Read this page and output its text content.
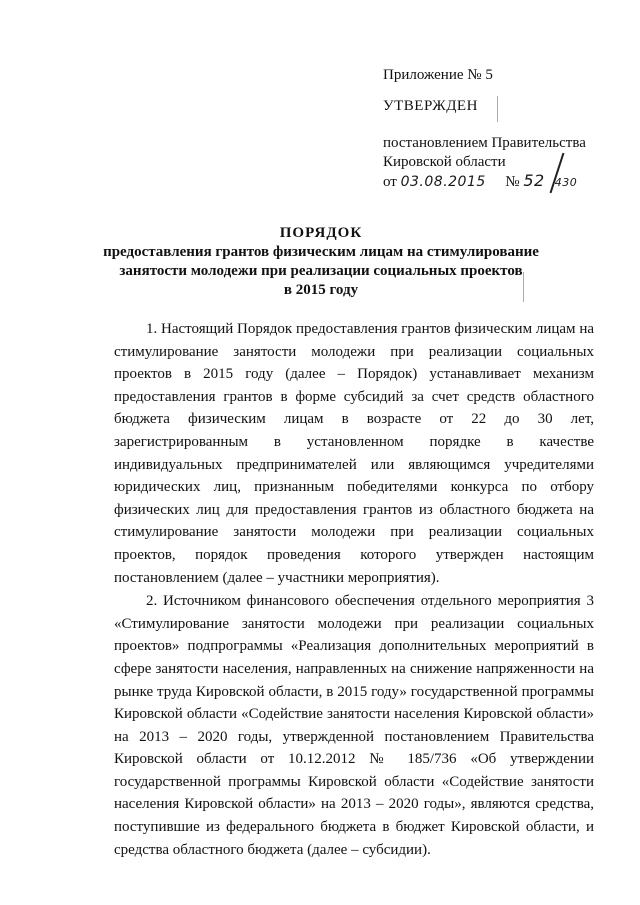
Приложение № 5
УТВЕРЖДЕН
постановлением Правительства
Кировской области
от 03.08.2015 № 52 430
ПОРЯДОК
предоставления грантов физическим лицам на стимулирование
занятости молодежи при реализации социальных проектов
в 2015 году

1. Настоящий Порядок предоставления грантов физическим лицам на стимулирование занятости молодежи при реализации социальных проектов в 2015 году (далее – Порядок) устанавливает механизм предоставления грантов в форме субсидий за счет средств областного бюджета физическим лицам в возрасте от 22 до 30 лет, зарегистрированным в установленном порядке в качестве индивидуальных предпринимателей или являющимся учредителями юридических лиц, признанным победителями конкурса по отбору физических лиц для предоставления грантов из областного бюджета на стимулирование занятости молодежи при реализации социальных проектов, порядок проведения которого утвержден настоящим постановлением (далее – участники мероприятия).

2. Источником финансового обеспечения отдельного мероприятия 3 «Стимулирование занятости молодежи при реализации социальных проектов» подпрограммы «Реализация дополнительных мероприятий в сфере занятости населения, направленных на снижение напряженности на рынке труда Кировской области, в 2015 году» государственной программы Кировской области «Содействие занятости населения Кировской области» на 2013 – 2020 годы, утвержденной постановлением Правительства Кировской области от 10.12.2012 № 185/736 «Об утверждении государственной программы Кировской области «Содействие занятости населения Кировской области» на 2013 – 2020 годы», являются средства, поступившие из федерального бюджета в бюджет Кировской области, и средства областного бюджета (далее – субсидии).
